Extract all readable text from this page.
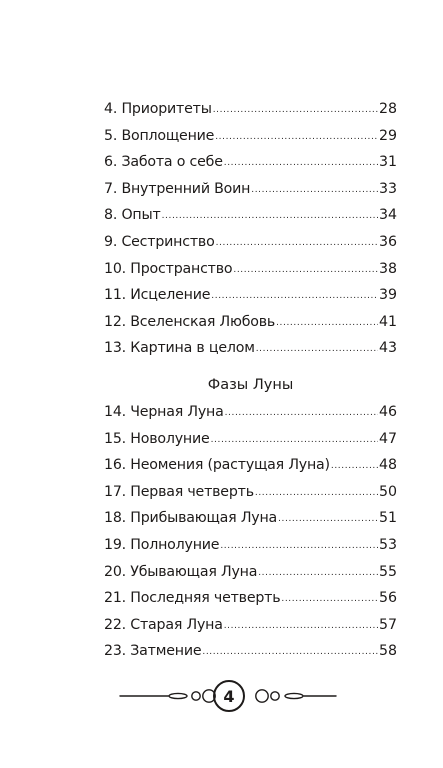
4. Приоритеты .....	28
5. Воплощение .....	29
6. Забота о себе .....	31
7. Внутренний Воин .....	33
8. Опыт .....	34
9. Сестринство .....	36
10. Пространство .....	38
11. Исцеление .....	39
12. Вселенская Любовь .....	41
13. Картина в целом .....	43
Фазы Луны
14. Черная Луна .....	46
15. Новолуние .....	47
16. Неомения (растущая Луна) .....	48
17. Первая четверть .....	50
18. Прибывающая Луна .....	51
19. Полнолуние .....	53
20. Убывающая Луна .....	55
21. Последняя четверть .....	56
22. Старая Луна .....	57
23. Затмение .....	58
4
